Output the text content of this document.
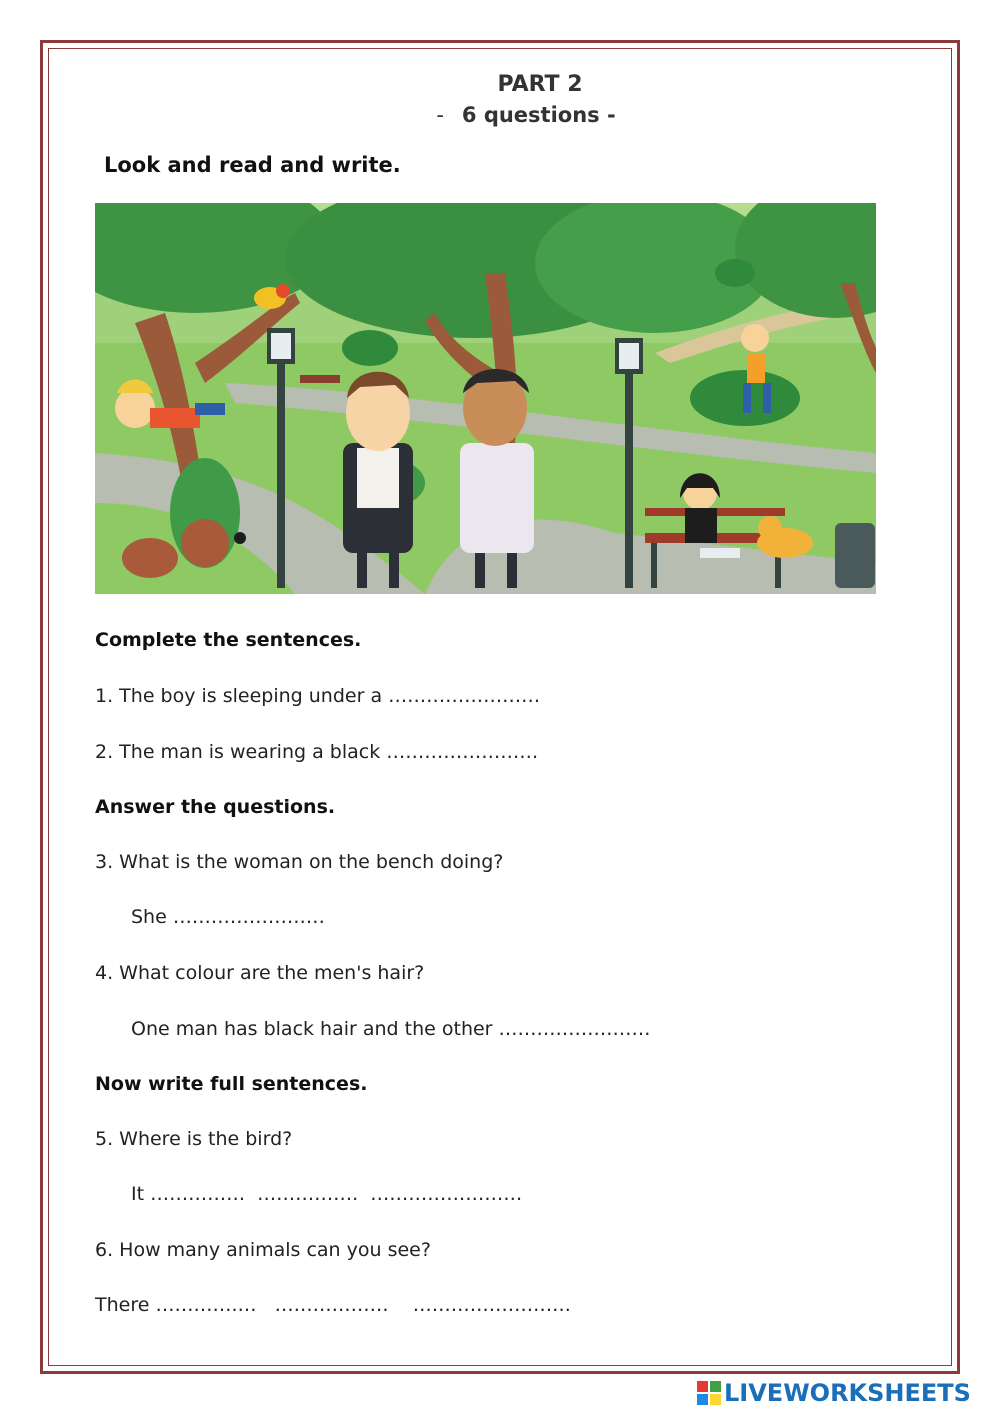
PART 2
- 6 questions -
Look and read and write.
Complete the sentences.
1. The boy is sleeping under a ……………………
2. The man is wearing a black ……………………
Answer the questions.
3. What is the woman on the bench doing?
She ……………………
4. What colour are the men's hair?
One man has black hair and the other ……………………
Now write full sentences.
5. Where is the bird?
It ……………  …………….  ……………………
6. How many animals can you see?
There ………….…   ………………    …………………….
LIVEWORKSHEETS
